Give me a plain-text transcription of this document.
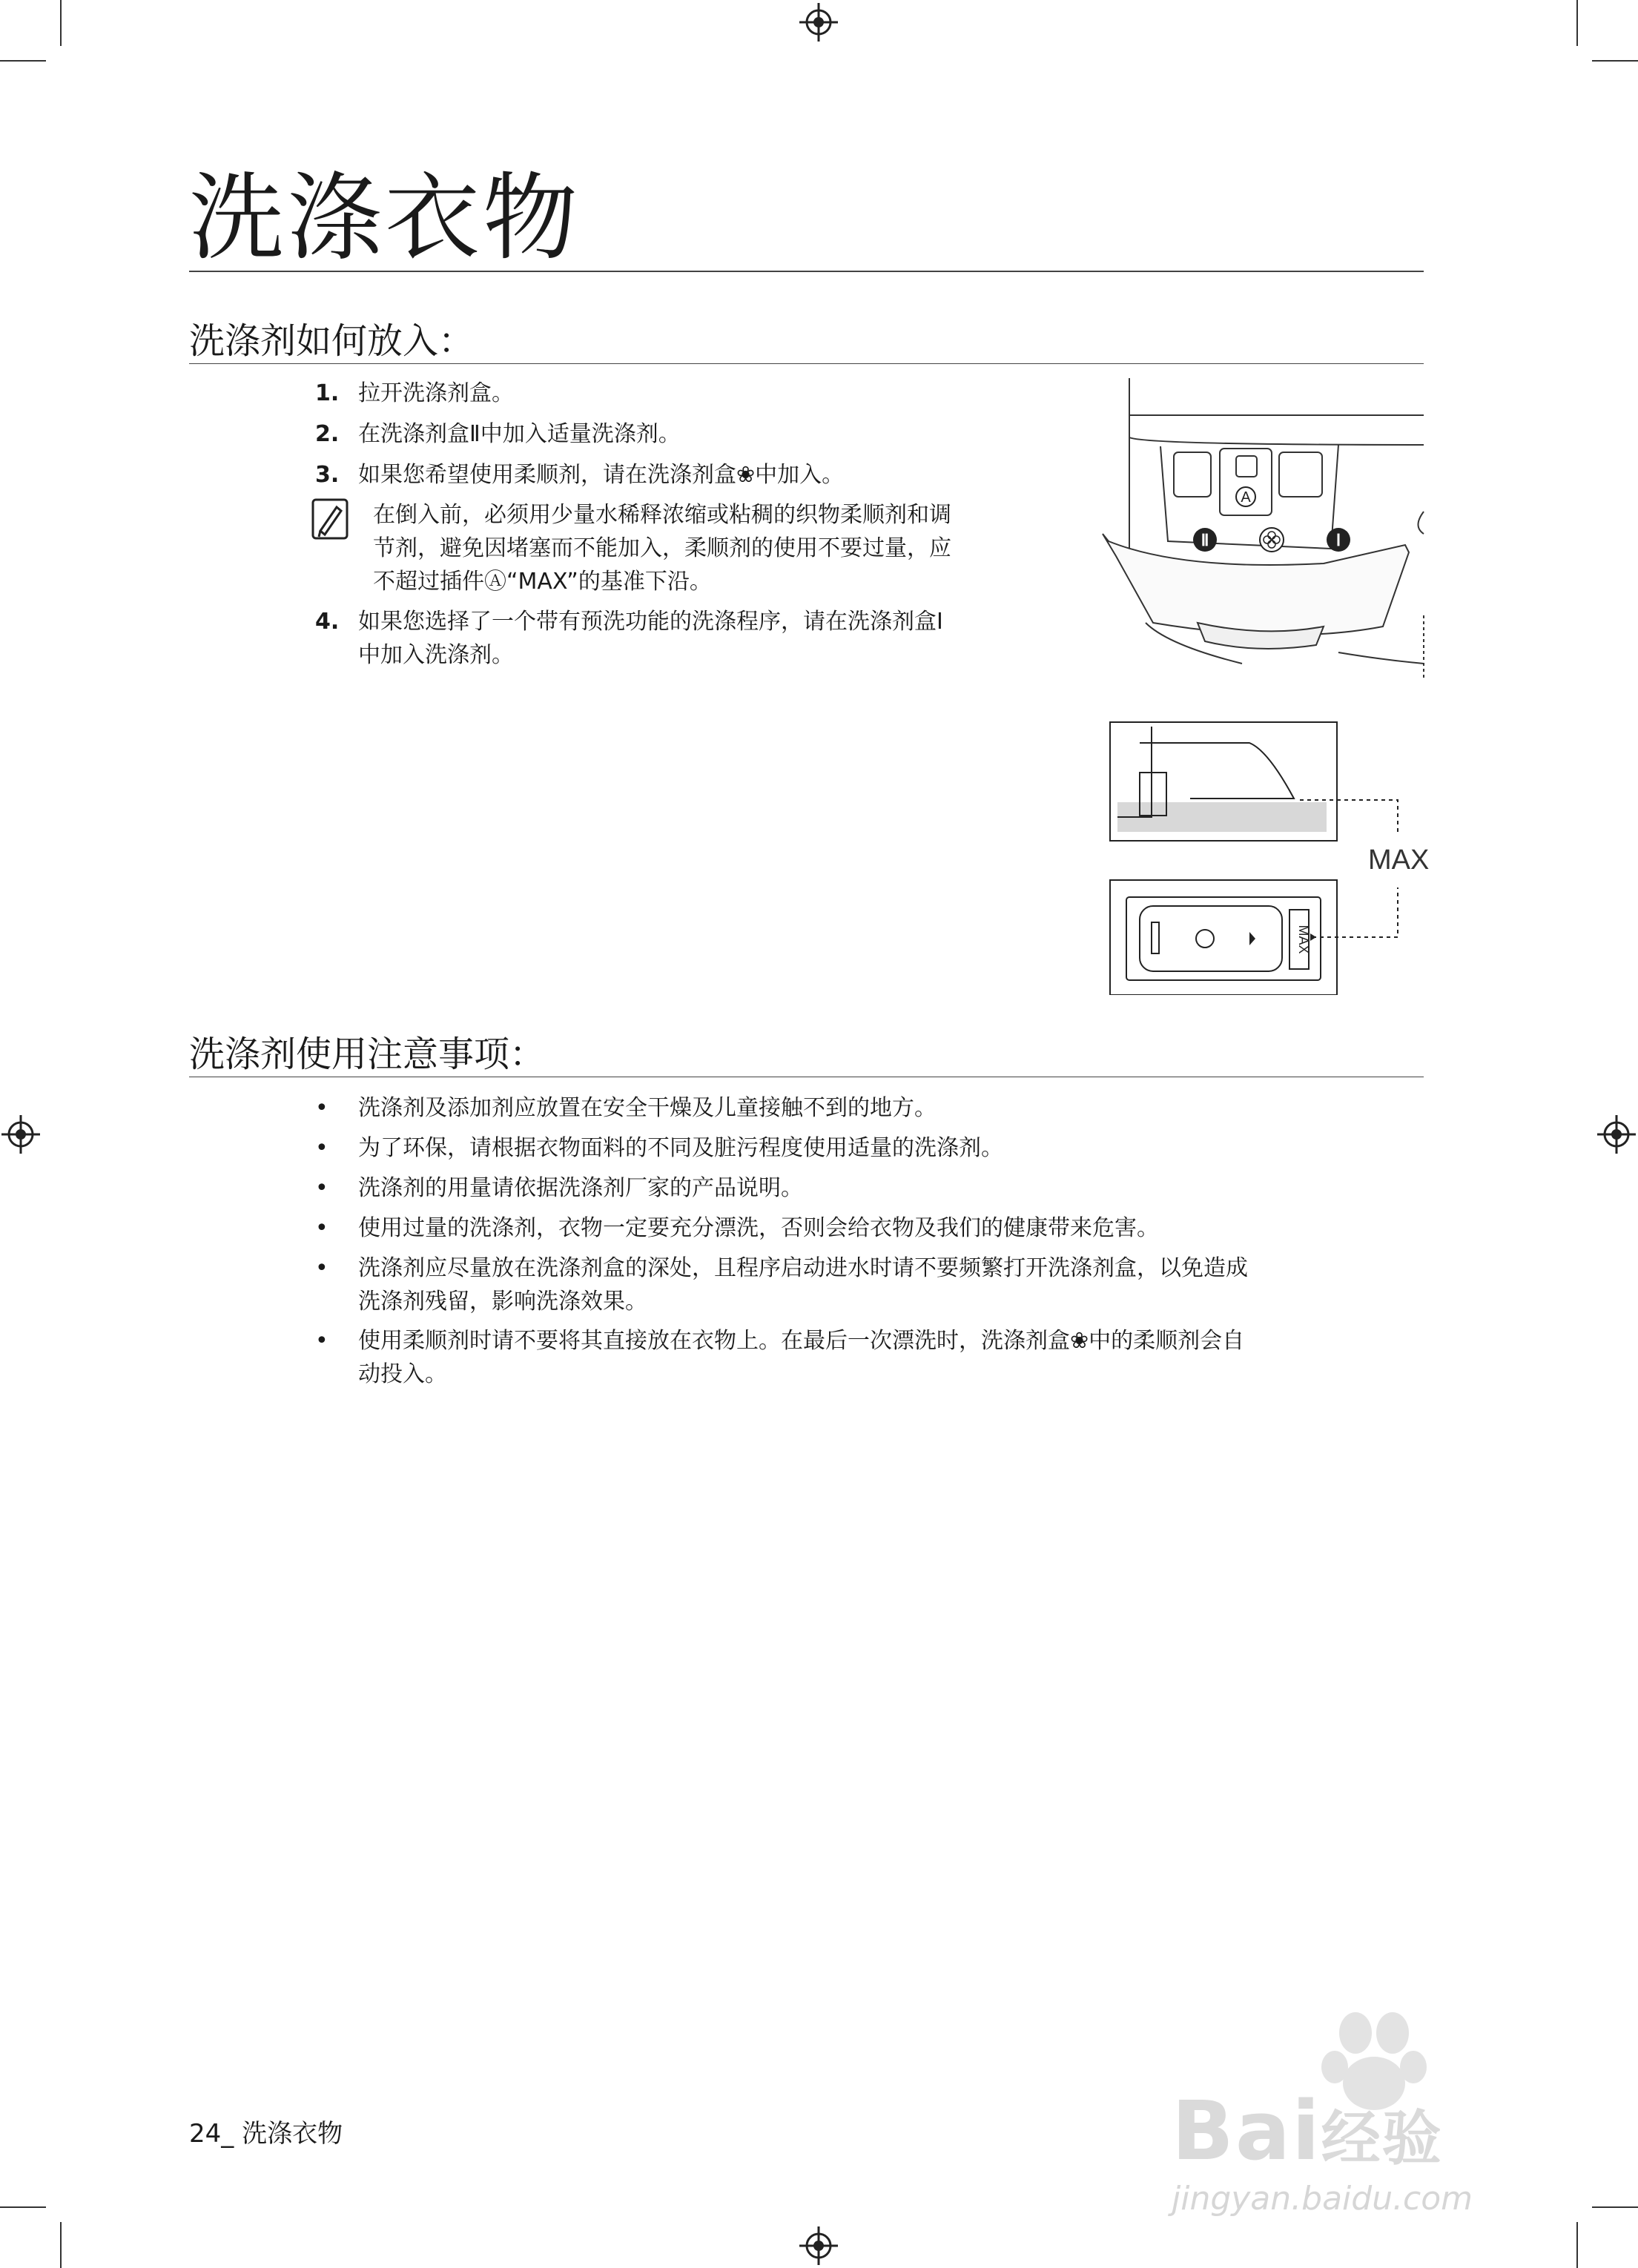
洗涤衣物
洗涤剂如何放入：
1. 拉开洗涤剂盒。
2. 在洗涤剂盒Ⅱ中加入适量洗涤剂。
3. 如果您希望使用柔顺剂，请在洗涤剂盒❀中加入。
在倒入前，必须用少量水稀释浓缩或粘稠的织物柔顺剂和调
节剂，避免因堵塞而不能加入，柔顺剂的使用不要过量，应
不超过插件Ⓐ“MAX”的基准下沿。
4. 如果您选择了一个带有预洗功能的洗涤程序，请在洗涤剂盒Ⅰ
中加入洗涤剂。
A
Ⅱ	Ⅰ
MAX
MAX
洗涤剂使用注意事项：
• 洗涤剂及添加剂应放置在安全干燥及儿童接触不到的地方。
• 为了环保，请根据衣物面料的不同及脏污程度使用适量的洗涤剂。
• 洗涤剂的用量请依据洗涤剂厂家的产品说明。
• 使用过量的洗涤剂，衣物一定要充分漂洗，否则会给衣物及我们的健康带来危害。
• 洗涤剂应尽量放在洗涤剂盒的深处，且程序启动进水时请不要频繁打开洗涤剂盒，以免造成
洗涤剂残留，影响洗涤效果。
• 使用柔顺剂时请不要将其直接放在衣物上。在最后一次漂洗时，洗涤剂盒❀中的柔顺剂会自
动投入。
24_ 洗涤衣物	Bai经验
jingyan.baidu.com
